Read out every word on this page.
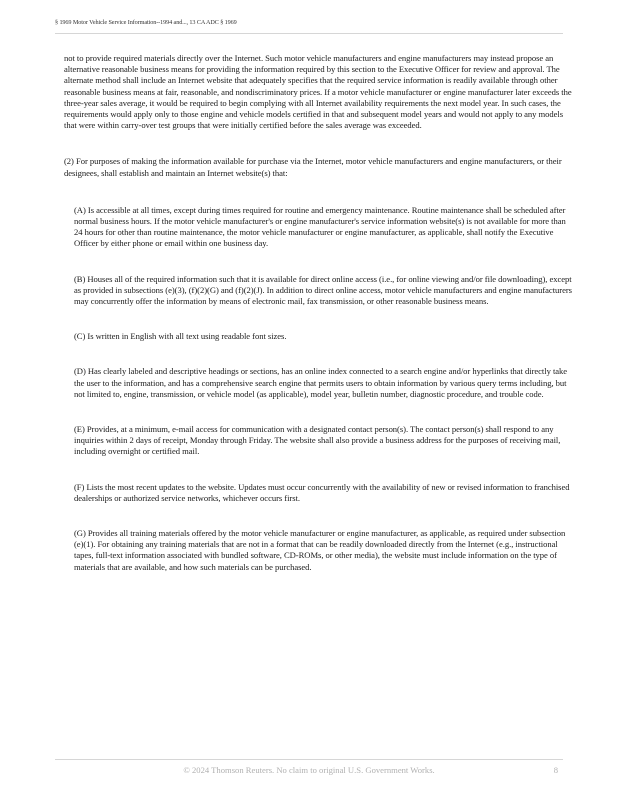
§ 1969 Motor Vehicle Service Information--1994 and..., 13 CA ADC § 1969

not to provide required materials directly over the Internet. Such motor vehicle manufacturers and engine manufacturers may instead propose an alternative reasonable business means for providing the information required by this section to the Executive Officer for review and approval. The alternate method shall include an Internet website that adequately specifies that the required service information is readily available through other reasonable business means at fair, reasonable, and nondiscriminatory prices. If a motor vehicle manufacturer or engine manufacturer later exceeds the three-year sales average, it would be required to begin complying with all Internet availability requirements the next model year. In such cases, the requirements would apply only to those engine and vehicle models certified in that and subsequent model years and would not apply to any models that were within carry-over test groups that were initially certified before the sales average was exceeded.

(2) For purposes of making the information available for purchase via the Internet, motor vehicle manufacturers and engine manufacturers, or their designees, shall establish and maintain an Internet website(s) that:

(A) Is accessible at all times, except during times required for routine and emergency maintenance. Routine maintenance shall be scheduled after normal business hours. If the motor vehicle manufacturer's or engine manufacturer's service information website(s) is not available for more than 24 hours for other than routine maintenance, the motor vehicle manufacturer or engine manufacturer, as applicable, shall notify the Executive Officer by either phone or email within one business day.

(B) Houses all of the required information such that it is available for direct online access (i.e., for online viewing and/or file downloading), except as provided in subsections (e)(3), (f)(2)(G) and (f)(2)(J). In addition to direct online access, motor vehicle manufacturers and engine manufacturers may concurrently offer the information by means of electronic mail, fax transmission, or other reasonable business means.

(C) Is written in English with all text using readable font sizes.

(D) Has clearly labeled and descriptive headings or sections, has an online index connected to a search engine and/or hyperlinks that directly take the user to the information, and has a comprehensive search engine that permits users to obtain information by various query terms including, but not limited to, engine, transmission, or vehicle model (as applicable), model year, bulletin number, diagnostic procedure, and trouble code.

(E) Provides, at a minimum, e-mail access for communication with a designated contact person(s). The contact person(s) shall respond to any inquiries within 2 days of receipt, Monday through Friday. The website shall also provide a business address for the purposes of receiving mail, including overnight or certified mail.

(F) Lists the most recent updates to the website. Updates must occur concurrently with the availability of new or revised information to franchised dealerships or authorized service networks, whichever occurs first.

(G) Provides all training materials offered by the motor vehicle manufacturer or engine manufacturer, as applicable, as required under subsection (e)(1). For obtaining any training materials that are not in a format that can be readily downloaded directly from the Internet (e.g., instructional tapes, full-text information associated with bundled software, CD-ROMs, or other media), the website must include information on the type of materials that are available, and how such materials can be purchased.

© 2024 Thomson Reuters. No claim to original U.S. Government Works.	8
